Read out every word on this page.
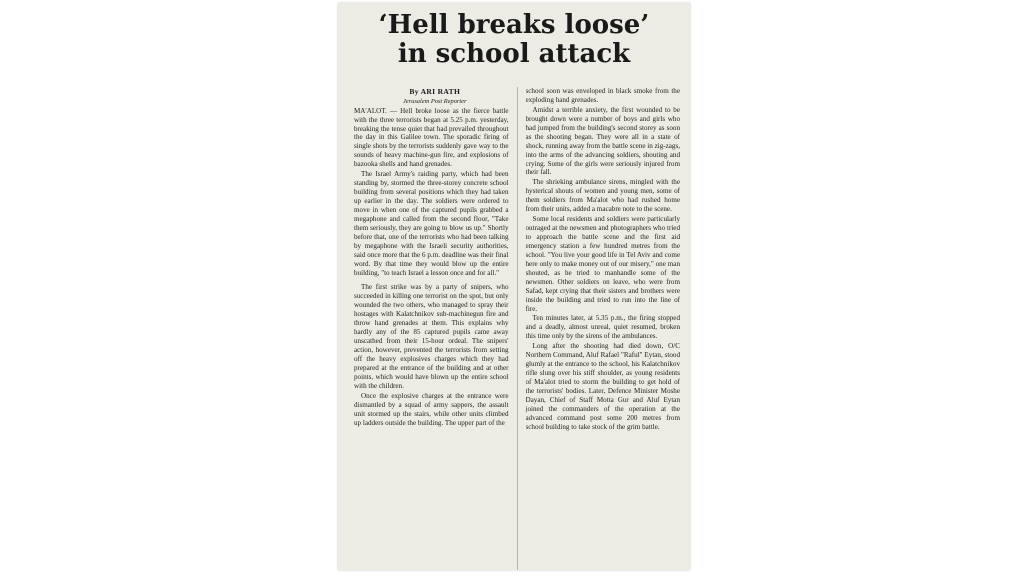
‘Hell breaks loose’
in school attack

By ARI RATH

Jerusalem Post Reporter

MA'ALOT. — Hell broke loose as the fierce battle with the three terrorists began at 5.25 p.m. yesterday, breaking the tense quiet that had prevailed throughout the day in this Galilee town. The sporadic firing of single shots by the terrorists suddenly gave way to the sounds of heavy machine-gun fire, and explosions of bazooka shells and hand grenades.

The Israel Army's raiding party, which had been standing by, stormed the three-storey concrete school building from several positions which they had taken up earlier in the day. The soldiers were ordered to move in when one of the captured pupils grabbed a megaphone and called from the second floor, "Take them seriously, they are going to blow us up." Shortly before that, one of the terrorists who had been talking by megaphone with the Israeli security authorities, said once more that the 6 p.m. deadline was their final word. By that time they would blow up the entire building, "to teach Israel a lesson once and for all."

The first strike was by a party of snipers, who succeeded in killing one terrorist on the spot, but only wounded the two others, who managed to spray their hostages with Kalatchnikov sub-machinegun fire and throw hand grenades at them. This explains why hardly any of the 85 captured pupils came away unscathed from their 15-hour ordeal. The snipers' action, however, prevented the terrorists from setting off the heavy explosives charges which they had prepared at the entrance of the building and at other points, which would have blown up the entire school with the children.

Once the explosive charges at the entrance were dismantled by a squad of army sappers, the assault unit stormed up the stairs, while other units climbed up ladders outside the building. The upper part of the

school soon was enveloped in black smoke from the exploding hand grenades.

Amidst a terrible anxiety, the first wounded to be brought down were a number of boys and girls who had jumped from the building's second storey as soon as the shooting began. They were all in a state of shock, running away from the battle scene in zig-zags, into the arms of the advancing soldiers, shouting and crying. Some of the girls were seriously injured from their fall.

The shrieking ambulance sirens, mingled with the hysterical shouts of women and young men, some of them soldiers from Ma'alot who had rushed home from their units, added a macabre note to the scene.

Some local residents and soldiers were particularly outraged at the newsmen and photographers who tried to approach the battle scene and the first aid emergency station a few hundred metres from the school. "You live your good life in Tel Aviv and come here only to make money out of our misery," one man shouted, as he tried to manhandle some of the newsmen. Other soldiers on leave, who were from Safad, kept crying that their sisters and brothers were inside the building and tried to run into the line of fire.

Ten minutes later, at 5.35 p.m., the firing stopped and a deadly, almost unreal, quiet resumed, broken this time only by the sirens of the ambulances.

Long after the shooting had died down, O/C Northern Command, Aluf Rafael "Raful" Eytan, stood glumly at the entrance to the school, his Kalatchnikov rifle slung over his stiff shoulder, as young residents of Ma'alot tried to storm the building to get hold of the terrorists' bodies. Later, Defence Minister Moshe Dayan, Chief of Staff Motta Gur and Aluf Eytan joined the commanders of the operation at the advanced command post some 200 metres from school building to take stock of the grim battle.
